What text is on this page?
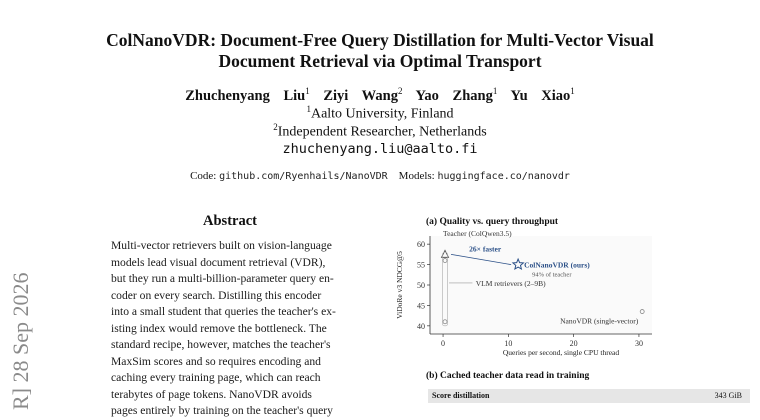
ColNanoVDR: Document-Free Query Distillation for Multi-Vector Visual
Document Retrieval via Optimal Transport
Zhuchenyang Liu$^1$ Ziyi Wang$^2$ Yao Zhang$^1$ Yu Xiao$^1$
$^1$Aalto University, Finland
$^2$Independent Researcher, Netherlands
zhuchenyang.liu@aalto.fi
Code: github.com/Ryenhails/NanoVDR Models: huggingface.co/nanovdr
R] 28 Sep 2026
Abstract
Multi-vector retrievers built on vision-language
models lead visual document retrieval (VDR),
but they run a multi-billion-parameter query en-
coder on every search. Distilling this encoder
into a small student that queries the teacher's ex-
isting index would remove the bottleneck. The
standard recipe, however, matches the teacher's
MaxSim scores and so requires encoding and
caching every training page, which can reach
terabytes of page tokens. NanoVDR avoids
pages entirely by training on the teacher's query
(a) Quality vs. query throughput
40
45
50
55
60
0	10	20	30
Queries per second, single CPU thread
ViDoRe v3 NDCG@5
Teacher (ColQwen3.5)
26× faster
ColNanoVDR (ours)
94% of teacher
VLM retrievers (2–9B)
NanoVDR (single-vector)
(b) Cached teacher data read in training
Score distillation	343 GiB
